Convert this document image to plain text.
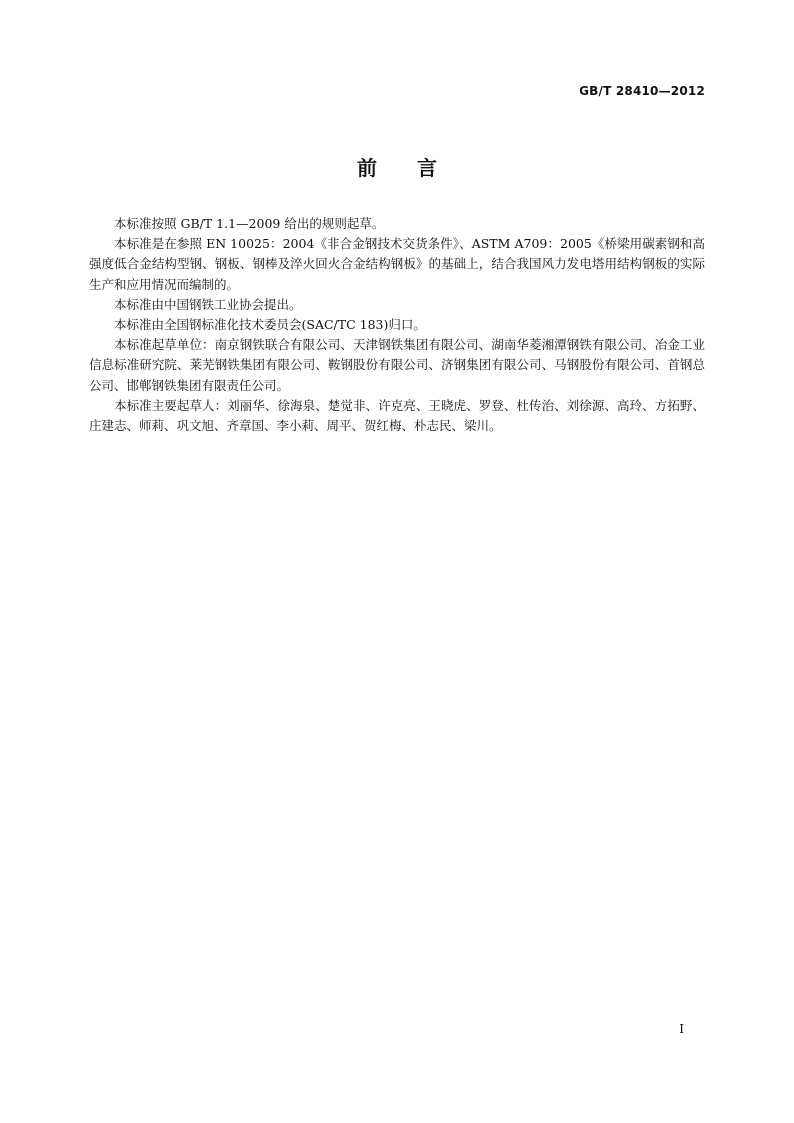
GB/T 28410—2012
前言

本标准按照 GB/T 1.1—2009 给出的规则起草。

本标准是在参照 EN 10025：2004《非合金钢技术交货条件》、ASTM A709：2005《桥梁用碳素钢和高强度低合金结构型钢、钢板、钢棒及淬火回火合金结构钢板》的基础上，结合我国风力发电塔用结构钢板的实际生产和应用情况而编制的。

本标准由中国钢铁工业协会提出。

本标准由全国钢标准化技术委员会(SAC/TC 183)归口。

本标准起草单位：南京钢铁联合有限公司、天津钢铁集团有限公司、湖南华菱湘潭钢铁有限公司、冶金工业信息标准研究院、莱芜钢铁集团有限公司、鞍钢股份有限公司、济钢集团有限公司、马钢股份有限公司、首钢总公司、邯郸钢铁集团有限责任公司。

本标准主要起草人：刘丽华、徐海泉、楚觉非、许克亮、王晓虎、罗登、杜传治、刘徐源、高玲、方拓野、庄建志、师莉、巩文旭、齐章国、李小莉、周平、贺红梅、朴志民、梁川。

I
